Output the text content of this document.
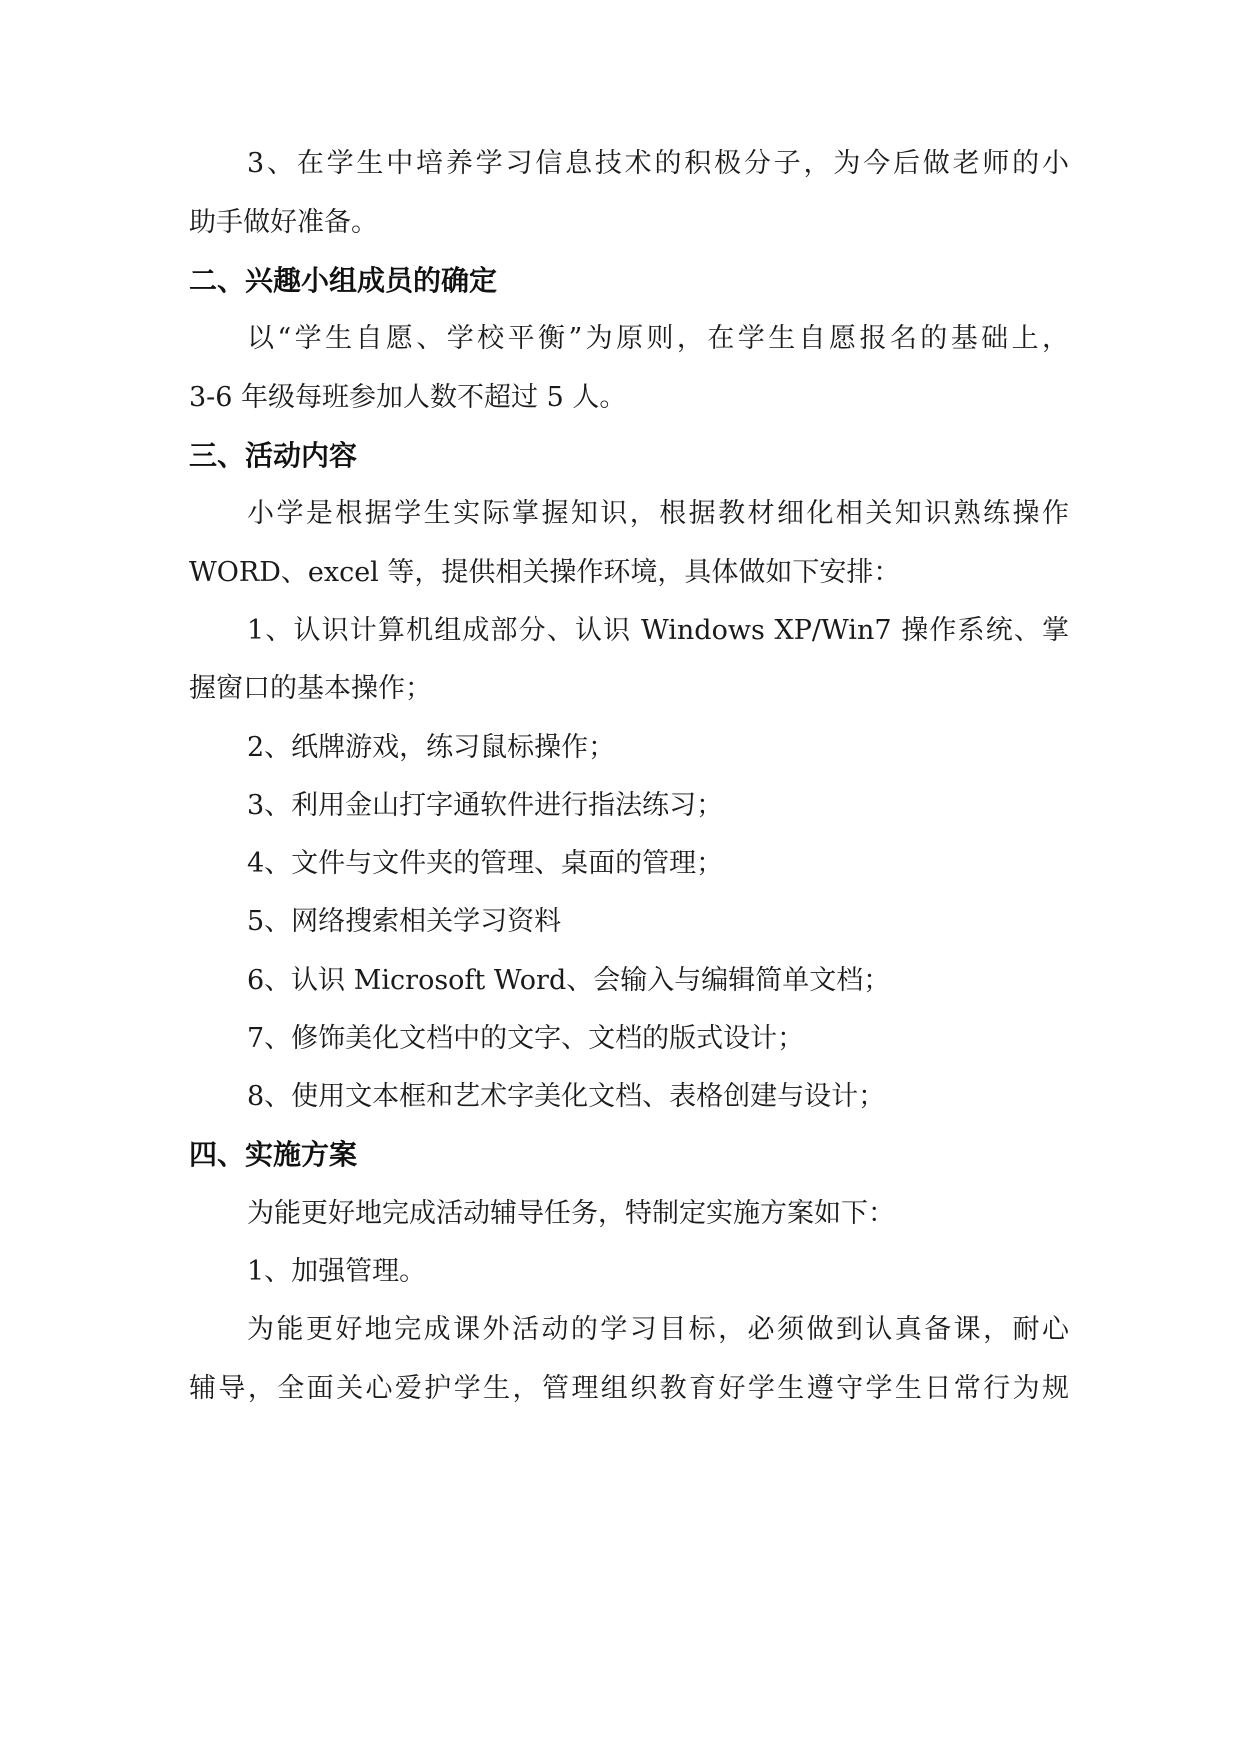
3、在学生中培养学习信息技术的积极分子，为今后做老师的小
助手做好准备。
二、兴趣小组成员的确定
以“学生自愿、学校平衡”为原则，在学生自愿报名的基础上，
3-6 年级每班参加人数不超过 5 人。
三、活动内容
小学是根据学生实际掌握知识，根据教材细化相关知识熟练操作
WORD、excel 等，提供相关操作环境，具体做如下安排：
1、认识计算机组成部分、认识 Windows XP/Win7 操作系统、掌
握窗口的基本操作；
2、纸牌游戏，练习鼠标操作；
3、利用金山打字通软件进行指法练习；
4、文件与文件夹的管理、桌面的管理；
5、网络搜索相关学习资料
6、认识 Microsoft Word、会输入与编辑简单文档；
7、修饰美化文档中的文字、文档的版式设计；
8、使用文本框和艺术字美化文档、表格创建与设计；
四、实施方案
为能更好地完成活动辅导任务，特制定实施方案如下：
1、加强管理。
为能更好地完成课外活动的学习目标，必须做到认真备课，耐心
辅导，全面关心爱护学生，管理组织教育好学生遵守学生日常行为规
